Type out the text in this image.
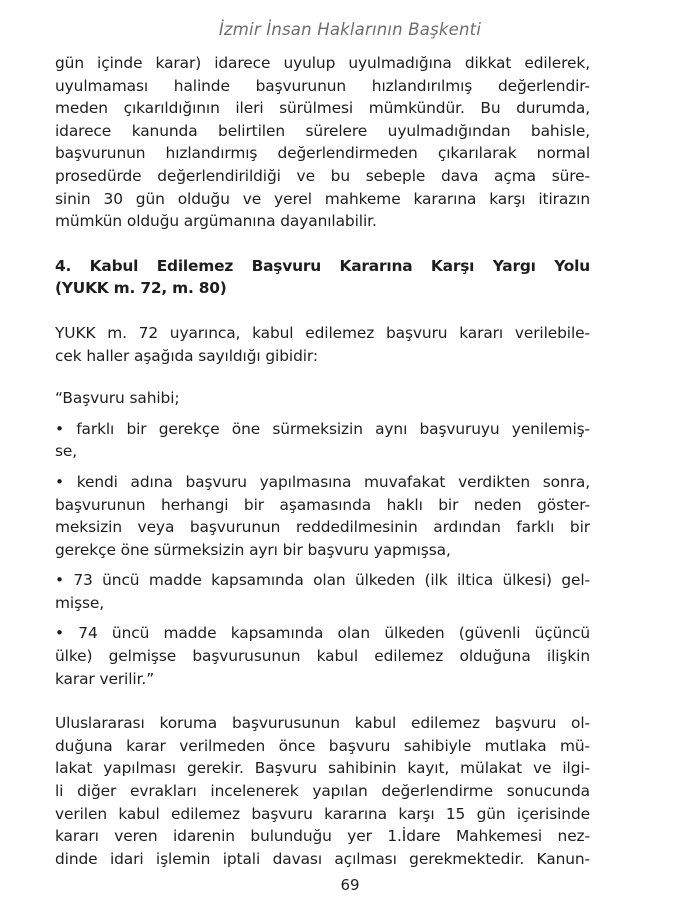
İzmir İnsan Haklarının Başkenti
gün içinde karar) idarece uyulup uyulmadığına dikkat edilerek,
uyulmaması halinde başvurunun hızlandırılmış değerlendir-
meden çıkarıldığının ileri sürülmesi mümkündür. Bu durumda,
idarece kanunda belirtilen sürelere uyulmadığından bahisle,
başvurunun hızlandırmış değerlendirmeden çıkarılarak normal
prosedürde değerlendirildiği ve bu sebeple dava açma süre-
sinin 30 gün olduğu ve yerel mahkeme kararına karşı itirazın
mümkün olduğu argümanına dayanılabilir.
4. Kabul Edilemez Başvuru Kararına Karşı Yargı Yolu
(YUKK m. 72, m. 80)
YUKK m. 72 uyarınca, kabul edilemez başvuru kararı verilebile-
cek haller aşağıda sayıldığı gibidir:
“Başvuru sahibi;
• farklı bir gerekçe öne sürmeksizin aynı başvuruyu yenilemiş-
se,
• kendi adına başvuru yapılmasına muvafakat verdikten sonra,
başvurunun herhangi bir aşamasında haklı bir neden göster-
meksizin veya başvurunun reddedilmesinin ardından farklı bir
gerekçe öne sürmeksizin ayrı bir başvuru yapmışsa,
• 73 üncü madde kapsamında olan ülkeden (ilk iltica ülkesi) gel-
mişse,
• 74 üncü madde kapsamında olan ülkeden (güvenli üçüncü
ülke) gelmişse başvurusunun kabul edilemez olduğuna ilişkin
karar verilir.”
Uluslararası koruma başvurusunun kabul edilemez başvuru ol-
duğuna karar verilmeden önce başvuru sahibiyle mutlaka mü-
lakat yapılması gerekir. Başvuru sahibinin kayıt, mülakat ve ilgi-
li diğer evrakları incelenerek yapılan değerlendirme sonucunda
verilen kabul edilemez başvuru kararına karşı 15 gün içerisinde
kararı veren idarenin bulunduğu yer 1.İdare Mahkemesi nez-
dinde idari işlemin iptali davası açılması gerekmektedir. Kanun-
69
